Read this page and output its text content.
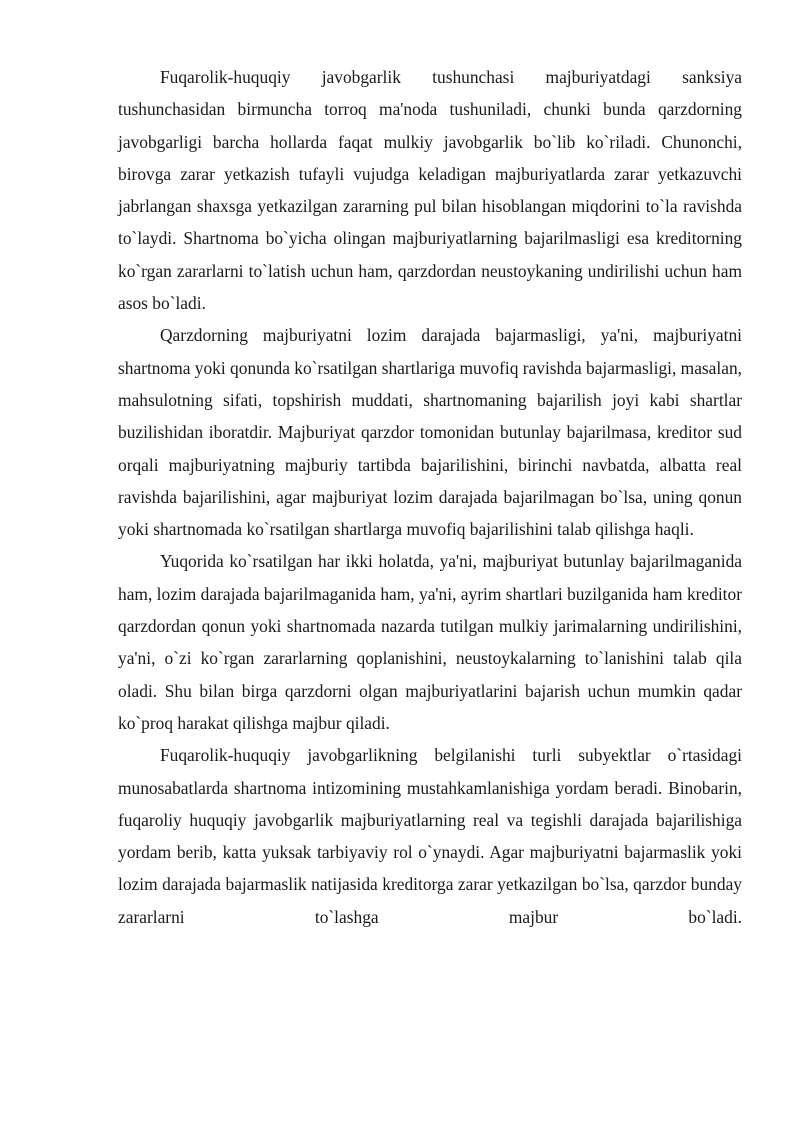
Fuqarolik-huquqiy javobgarlik tushunchasi majburiyatdagi sanksiya tushunchasidan birmuncha torroq ma'noda tushuniladi, chunki bunda qarzdorning javobgarligi barcha hollarda faqat mulkiy javobgarlik bo`lib ko`riladi. Chunonchi, birovga zarar yetkazish tufayli vujudga keladigan majburiyatlarda zarar yetkazuvchi jabrlangan shaxsga yetkazilgan zararning pul bilan hisoblangan miqdorini to`la ravishda to`laydi. Shartnoma bo`yicha olingan majburiyatlarning bajarilmasligi esa kreditorning ko`rgan zararlarni to`latish uchun ham, qarzdordan neustoykaning undirilishi uchun ham asos bo`ladi.

Qarzdorning majburiyatni lozim darajada bajarmasligi, ya'ni, majburiyatni shartnoma yoki qonunda ko`rsatilgan shartlariga muvofiq ravishda bajarmasligi, masalan, mahsulotning sifati, topshirish muddati, shartnomaning bajarilish joyi kabi shartlar buzilishidan iboratdir. Majburiyat qarzdor tomonidan butunlay bajarilmasa, kreditor sud orqali majburiyatning majburiy tartibda bajarilishini, birinchi navbatda, albatta real ravishda bajarilishini, agar majburiyat lozim darajada bajarilmagan bo`lsa, uning qonun yoki shartnomada ko`rsatilgan shartlarga muvofiq bajarilishini talab qilishga haqli.

Yuqorida ko`rsatilgan har ikki holatda, ya'ni, majburiyat butunlay bajarilmaganida ham, lozim darajada bajarilmaganida ham, ya'ni, ayrim shartlari buzilganida ham kreditor qarzdordan qonun yoki shartnomada nazarda tutilgan mulkiy jarimalarning undirilishini, ya'ni, o`zi ko`rgan zararlarning qoplanishini, neustoykalarning to`lanishini talab qila oladi. Shu bilan birga qarzdorni olgan majburiyatlarini bajarish uchun mumkin qadar ko`proq harakat qilishga majbur qiladi.

Fuqarolik-huquqiy javobgarlikning belgilanishi turli subyektlar o`rtasidagi munosabatlarda shartnoma intizomining mustahkamlanishiga yordam beradi. Binobarin, fuqaroliy huquqiy javobgarlik majburiyatlarning real va tegishli darajada bajarilishiga yordam berib, katta yuksak tarbiyaviy rol o`ynaydi. Agar majburiyatni bajarmaslik yoki lozim darajada bajarmaslik natijasida kreditorga zarar yetkazilgan bo`lsa, qarzdor bunday zararlarni to`lashga majbur bo`ladi.
